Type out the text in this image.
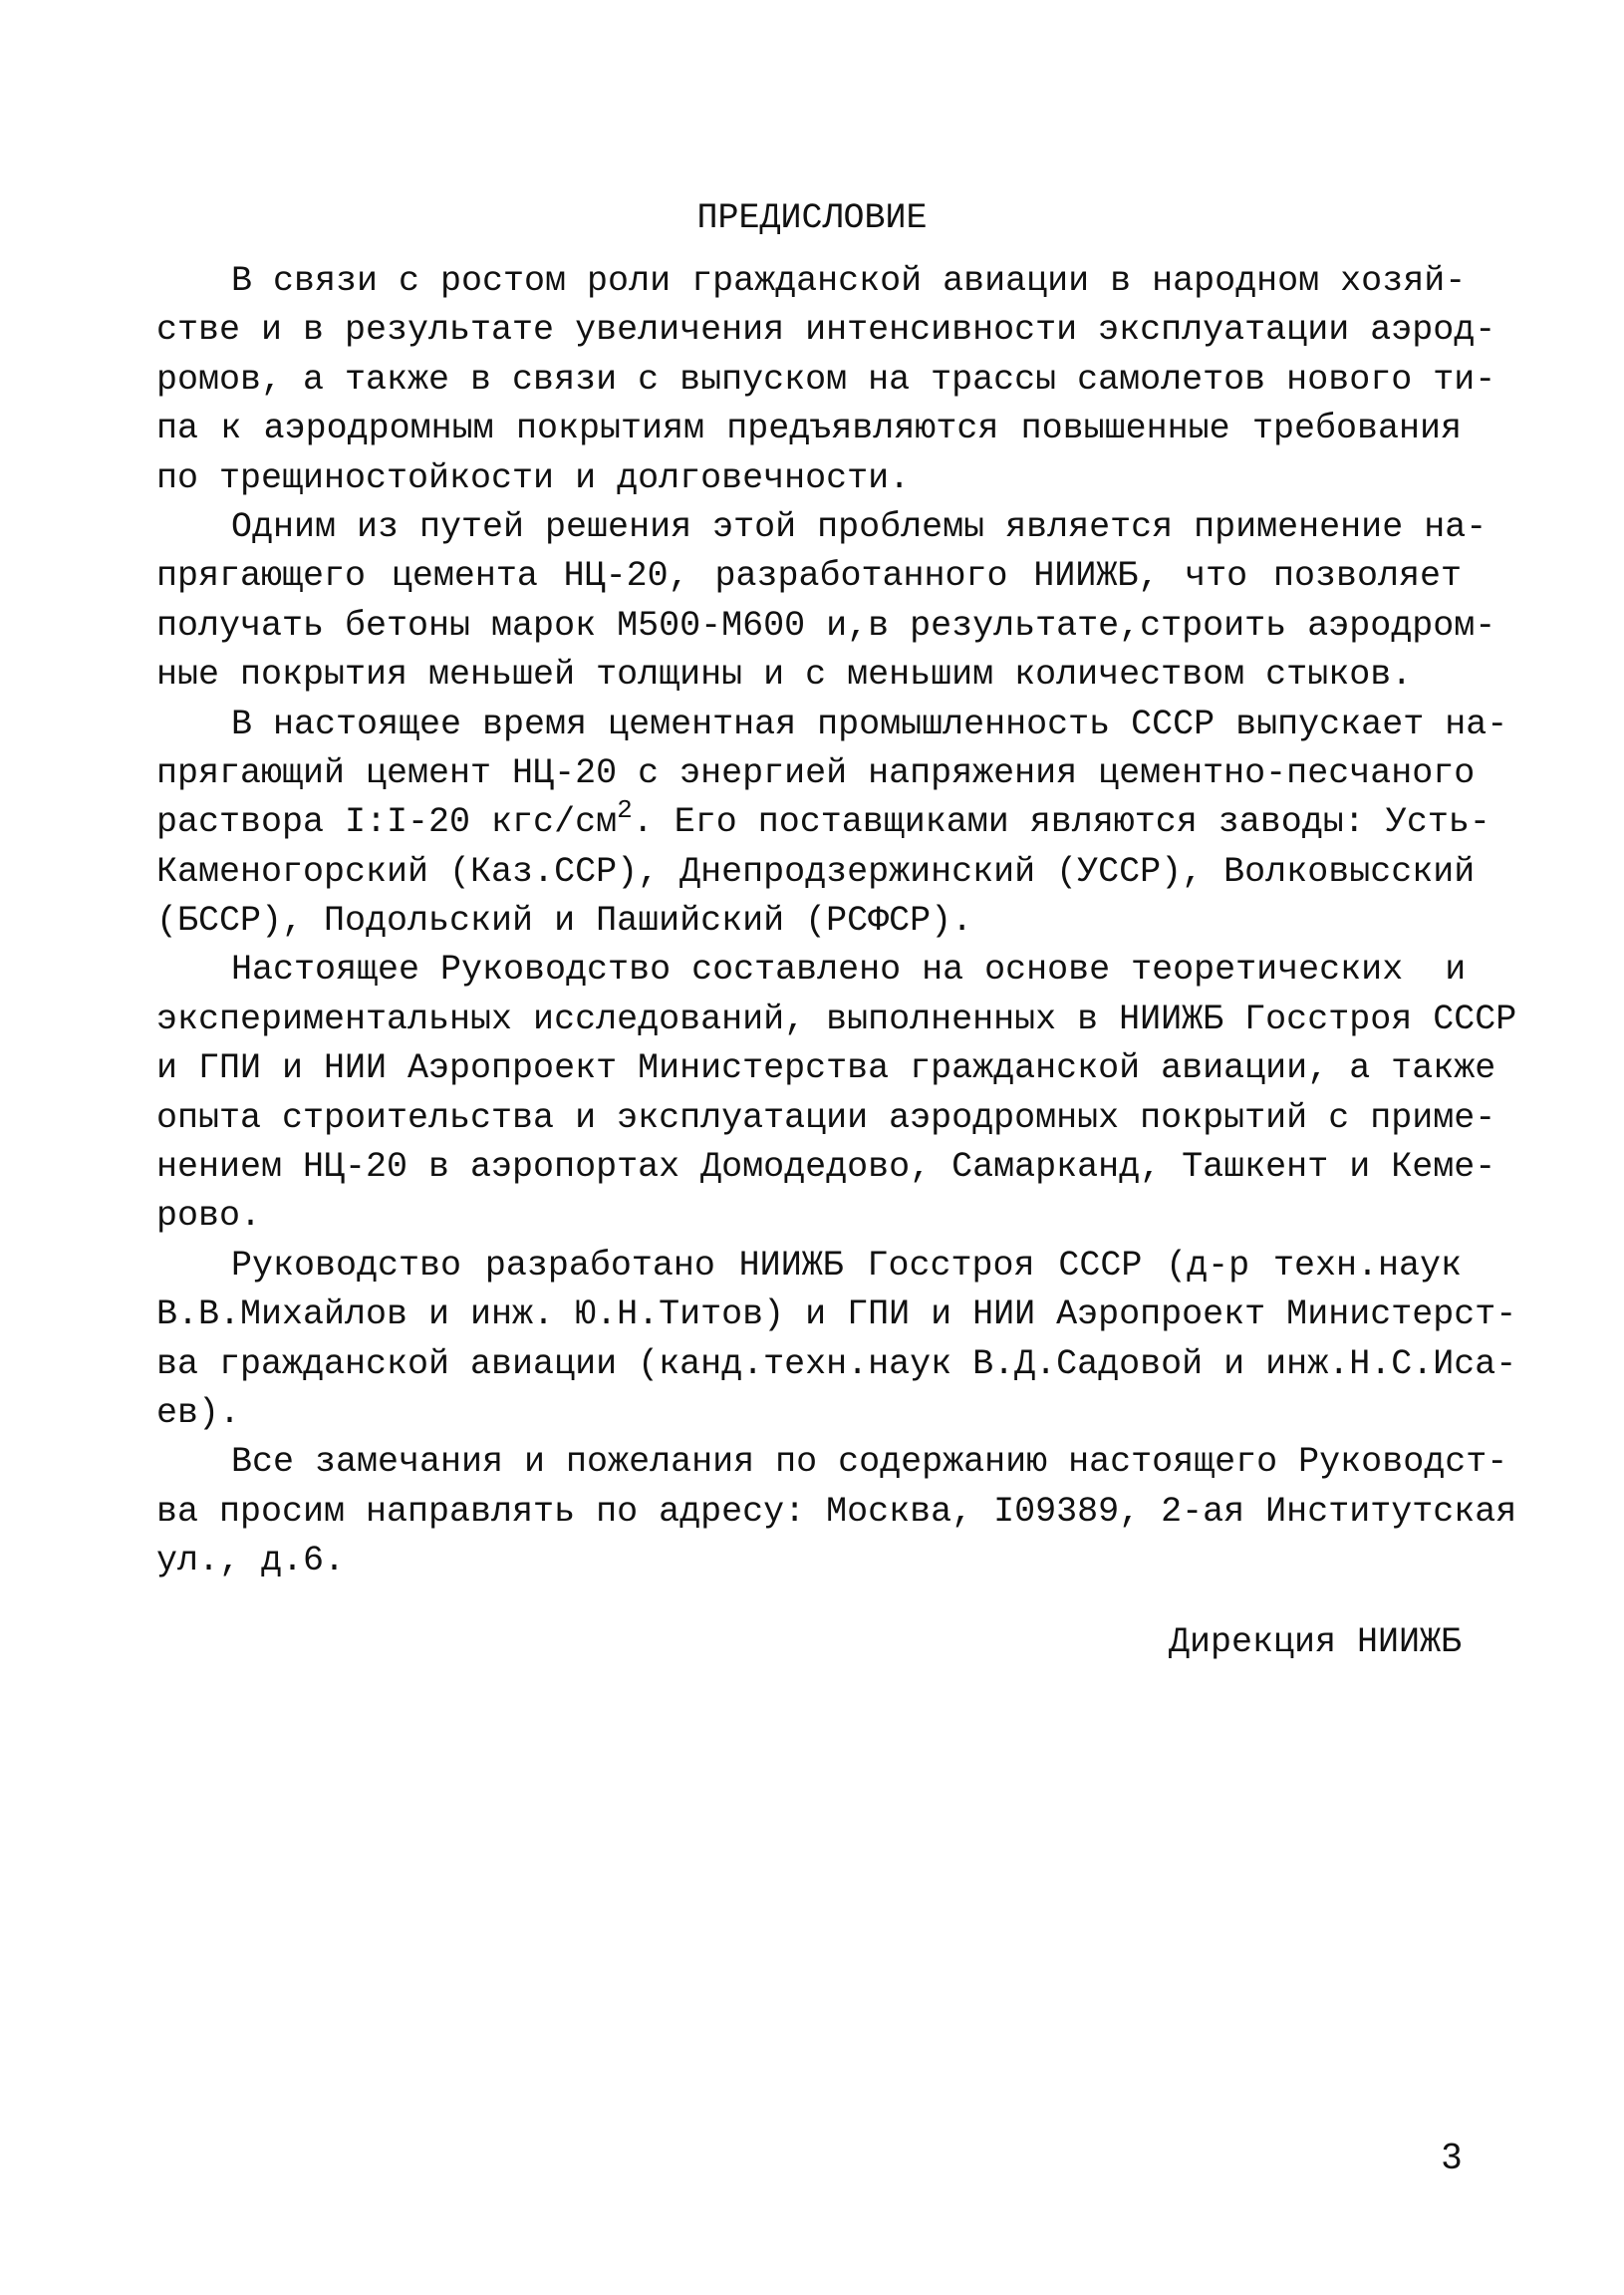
ПРЕДИСЛОВИЕ

В связи с ростом роли гражданской авиации в народном хозяй-
стве и в результате увеличения интенсивности эксплуатации аэрод-
ромов, а также в связи с выпуском на трассы самолетов нового ти-
па к аэродромным покрытиям предъявляются повышенные требования
по трещиностойкости и долговечности.

Одним из путей решения этой проблемы является применение на-
прягающего цемента НЦ-20, разработанного НИИЖБ, что позволяет
получать бетоны марок М500-М600 и,в результате,строить аэродром-
ные покрытия меньшей толщины и с меньшим количеством стыков.

В настоящее время цементная промышленность СССР выпускает на-
прягающий цемент НЦ-20 с энергией напряжения цементно-песчаного
раствора I:I-20 кгс/$см^2$. Его поставщиками являются заводы: Усть-
Каменогорский (Каз.ССР), Днепродзержинский (УССР), Волковысский
(БССР), Подольский и Пашийский (РСФСР).

Настоящее Руководство составлено на основе теоретических  и
экспериментальных исследований, выполненных в НИИЖБ Госстроя СССР
и ГПИ и НИИ Аэропроект Министерства гражданской авиации, а также
опыта строительства и эксплуатации аэродромных покрытий с приме-
нением НЦ-20 в аэропортах Домодедово, Самарканд, Ташкент и Кеме-
рово.

Руководство разработано НИИЖБ Госстроя СССР (д-р техн.наук
В.В.Михайлов и инж. Ю.Н.Титов) и ГПИ и НИИ Аэропроект Министерст-
ва гражданской авиации (канд.техн.наук В.Д.Садовой и инж.Н.С.Иса-
ев).

Все замечания и пожелания по содержанию настоящего Руководст-
ва просим направлять по адресу: Москва, I09389, 2-ая Институтская
ул., д.6.

Дирекция НИИЖБ

3
